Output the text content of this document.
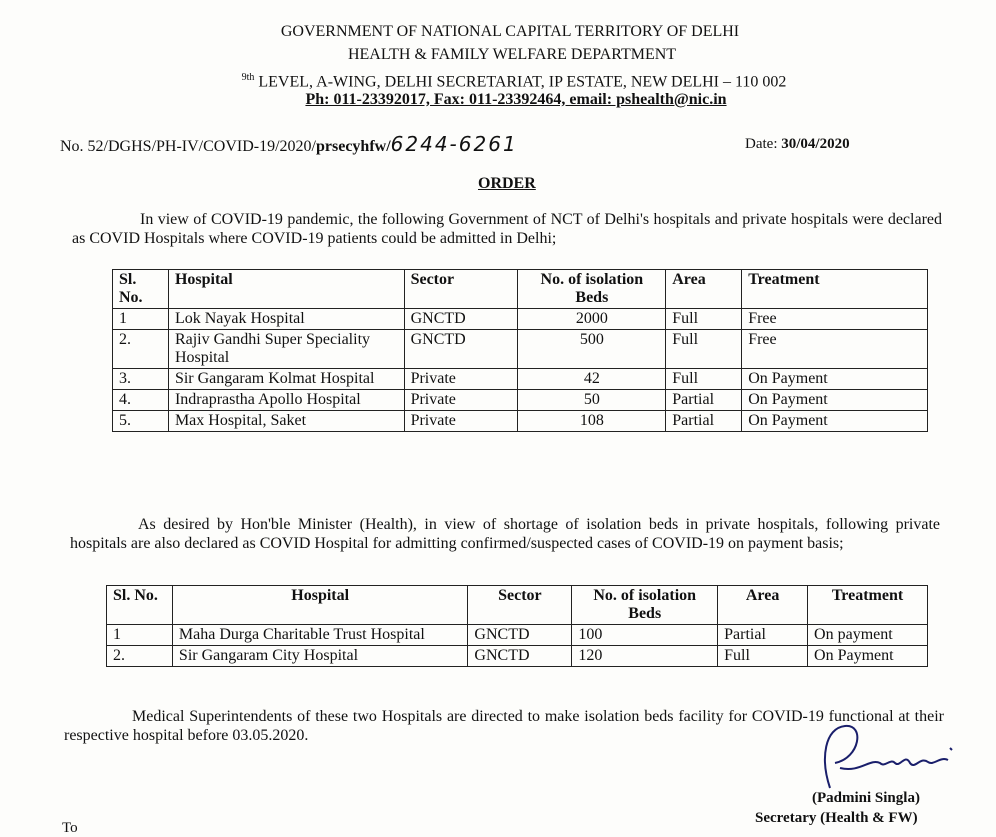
GOVERNMENT OF NATIONAL CAPITAL TERRITORY OF DELHI
HEALTH & FAMILY WELFARE DEPARTMENT
$^{9th}$ LEVEL, A-WING, DELHI SECRETARIAT, IP ESTATE, NEW DELHI – 110 002
Ph: 011-23392017, Fax: 011-23392464, email: pshealth@nic.in
No. 52/DGHS/PH-IV/COVID-19/2020/prsecyhfw/6244-6261	Date: 30/04/2020
ORDER
In view of COVID-19 pandemic, the following Government of NCT of Delhi's hospitals and private hospitals were declared as COVID Hospitals where COVID-19 patients could be admitted in Delhi;
Sl. No.	Hospital	Sector	No. of isolation Beds	Area	Treatment
1	Lok Nayak Hospital	GNCTD	2000	Full	Free
2.	Rajiv Gandhi Super Speciality Hospital	GNCTD	500	Full	Free
3.	Sir Gangaram Kolmat Hospital	Private	42	Full	On Payment
4.	Indraprastha Apollo Hospital	Private	50	Partial	On Payment
5.	Max Hospital, Saket	Private	108	Partial	On Payment
As desired by Hon'ble Minister (Health), in view of shortage of isolation beds in private hospitals, following private hospitals are also declared as COVID Hospital for admitting confirmed/suspected cases of COVID-19 on payment basis;
Sl. No.	Hospital	Sector	No. of isolation Beds	Area	Treatment
1	Maha Durga Charitable Trust Hospital	GNCTD	100	Partial	On payment
2.	Sir Gangaram City Hospital	GNCTD	120	Full	On Payment
Medical Superintendents of these two Hospitals are directed to make isolation beds facility for COVID-19 functional at their respective hospital before 03.05.2020.
(Padmini Singla)
Secretary (Health & FW)
To
